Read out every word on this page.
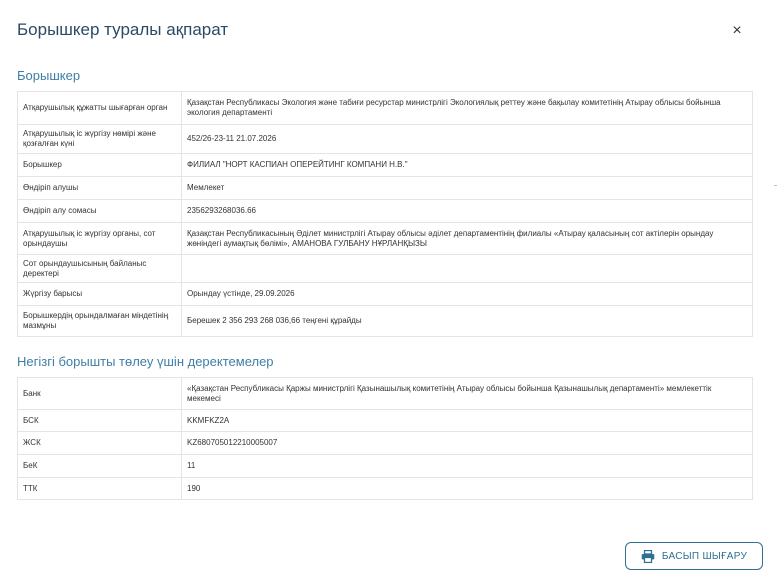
Борышкер туралы ақпарат	×
Борышкер
Атқарушылық құжатты шығарған орган	Қазақстан Республикасы Экология және табиғи ресурстар министрлігі Экологиялық реттеу және бақылау комитетінің Атырау облысы бойынша экология департаменті
Атқарушылық іс жүргізу нөмірі және қозғалған күні	452/26-23-11 21.07.2026
Борышкер	ФИЛИАЛ "НОРТ КАСПИАН ОПЕРЕЙТИНГ КОМПАНИ Н.В."
Өндіріп алушы	Мемлекет
Өндіріп алу сомасы	2356293268036.66
Атқарушылық іс жүргізу органы, сот орындаушы	Қазақстан Республикасының Әділет министрлігі Атырау облысы әділет департаментінің филиалы «Атырау қаласының сот актілерін орындау жөніндегі аумақтық бөлімі», АМАНОВА ГУЛБАНУ НҰРЛАНҚЫЗЫ
Сот орындаушысының байланыс деректері	
Жүргізу барысы	Орындау үстінде, 29.09.2026
Борышкердің орындалмаған міндетінің мазмұны	Берешек 2 356 293 268 036,66 теңгені құрайды
Негізгі борышты төлеу үшін деректемелер
Банк	«Қазақстан Республикасы Қаржы министрлігі Қазынашылық комитетінің Атырау облысы бойынша Қазынашылық департаменті» мемлекеттік мекемесі
БСК	KKMFKZ2A
ЖСК	KZ680705012210005007
БеК	11
ТТК	190
БАСЫП ШЫҒАРУ
